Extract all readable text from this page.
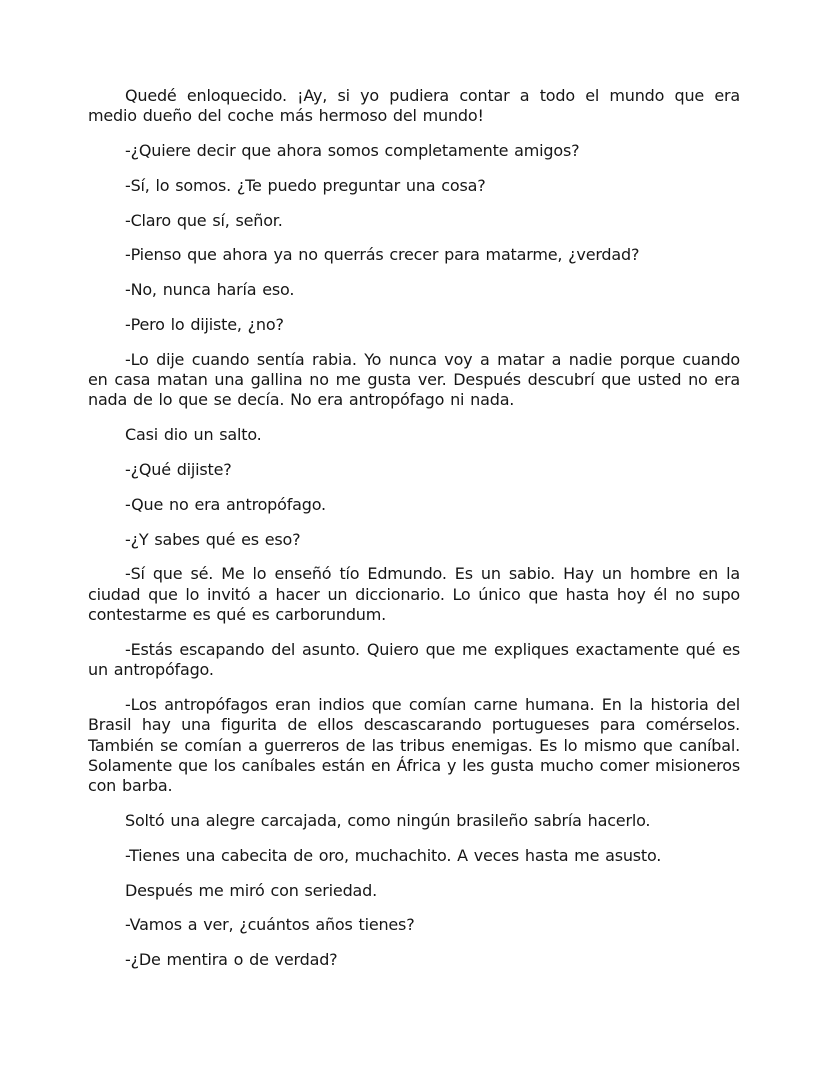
Quedé enloquecido. ¡Ay, si yo pudiera contar a todo el mundo que era medio dueño del coche más hermoso del mundo!

-¿Quiere decir que ahora somos completamente amigos?

-Sí, lo somos. ¿Te puedo preguntar una cosa?

-Claro que sí, señor.

-Pienso que ahora ya no querrás crecer para matarme, ¿verdad?

-No, nunca haría eso.

-Pero lo dijiste, ¿no?

-Lo dije cuando sentía rabia. Yo nunca voy a matar a nadie porque cuando en casa matan una gallina no me gusta ver. Después descubrí que usted no era nada de lo que se decía. No era antropófago ni nada.

Casi dio un salto.

-¿Qué dijiste?

-Que no era antropófago.

-¿Y sabes qué es eso?

-Sí que sé. Me lo enseñó tío Edmundo. Es un sabio. Hay un hombre en la ciudad que lo invitó a hacer un diccionario. Lo único que hasta hoy él no supo contestarme es qué es carborundum.

-Estás escapando del asunto. Quiero que me expliques exactamente qué es un antropófago.

-Los antropófagos eran indios que comían carne humana. En la historia del Brasil hay una figurita de ellos descascarando portugueses para comérselos. También se comían a guerreros de las tribus enemigas. Es lo mismo que caníbal. Solamente que los caníbales están en África y les gusta mucho comer misioneros con barba.

Soltó una alegre carcajada, como ningún brasileño sabría hacerlo.

-Tienes una cabecita de oro, muchachito. A veces hasta me asusto.

Después me miró con seriedad.

-Vamos a ver, ¿cuántos años tienes?

-¿De mentira o de verdad?
